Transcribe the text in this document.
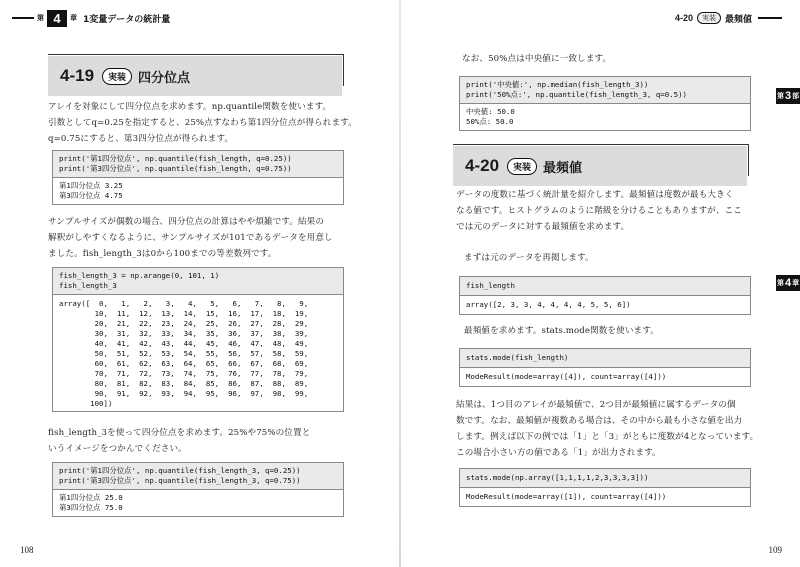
第 4	章 1変量データの統計量	4-20	実装	最頻値
第 3 部
第 4 章
4-19	実装 四分位点
アレイを対象にして四分位点を求めます。np.quantile関数を使います。
引数としてq=0.25を指定すると、25%点すなわち第1四分位点が得られます。
q=0.75にすると、第3四分位点が得られます。
print('第1四分位点', np.quantile(fish_length, q=0.25))
print('第3四分位点', np.quantile(fish_length, q=0.75))
第1四分位点 3.25
第3四分位点 4.75
サンプルサイズが偶数の場合、四分位点の計算はやや煩雑です。結果の
解釈がしやすくなるように、サンプルサイズが101であるデータを用意し
ました。fish_length_3は0から100までの等差数列です。
fish_length_3 = np.arange(0, 101, 1)
fish_length_3
array([  0,   1,   2,   3,   4,   5,   6,   7,   8,   9,
10,  11,  12,  13,  14,  15,  16,  17,  18,  19,
20,  21,  22,  23,  24,  25,  26,  27,  28,  29,
30,  31,  32,  33,  34,  35,  36,  37,  38,  39,
40,  41,  42,  43,  44,  45,  46,  47,  48,  49,
50,  51,  52,  53,  54,  55,  56,  57,  58,  59,
60,  61,  62,  63,  64,  65,  66,  67,  68,  69,
70,  71,  72,  73,  74,  75,  76,  77,  78,  79,
80,  81,  82,  83,  84,  85,  86,  87,  88,  89,
90,  91,  92,  93,  94,  95,  96,  97,  98,  99,
100])
fish_length_3を使って四分位点を求めます。25%や75%の位置と
いうイメージをつかんでください。
print('第1四分位点', np.quantile(fish_length_3, q=0.25))
print('第3四分位点', np.quantile(fish_length_3, q=0.75))
第1四分位点 25.0
第3四分位点 75.0
108
なお、50%点は中央値に一致します。
print('中央値:', np.median(fish_length_3))
print('50%点:', np.quantile(fish_length_3, q=0.5))
中央値: 50.0
50%点: 50.0
4-20	実装 最頻値
データの度数に基づく統計量を紹介します。最頻値は度数が最も大きく
なる値です。ヒストグラムのように階級を分けることもありますが、ここ
では元のデータに対する最頻値を求めます。
まずは元のデータを再掲します。
fish_length
array([2, 3, 3, 4, 4, 4, 4, 5, 5, 6])
最頻値を求めます。stats.mode関数を使います。
stats.mode(fish_length)
ModeResult(mode=array([4]), count=array([4]))
結果は、1つ目のアレイが最頻値で、2つ目が最頻値に属するデータの個
数です。なお、最頻値が複数ある場合は、その中から最も小さな値を出力
します。例えば以下の例では「1」と「3」がともに度数が4となっています。
この場合小さい方の値である「1」が出力されます。
stats.mode(np.array([1,1,1,1,2,3,3,3,3]))
ModeResult(mode=array([1]), count=array([4]))
109
